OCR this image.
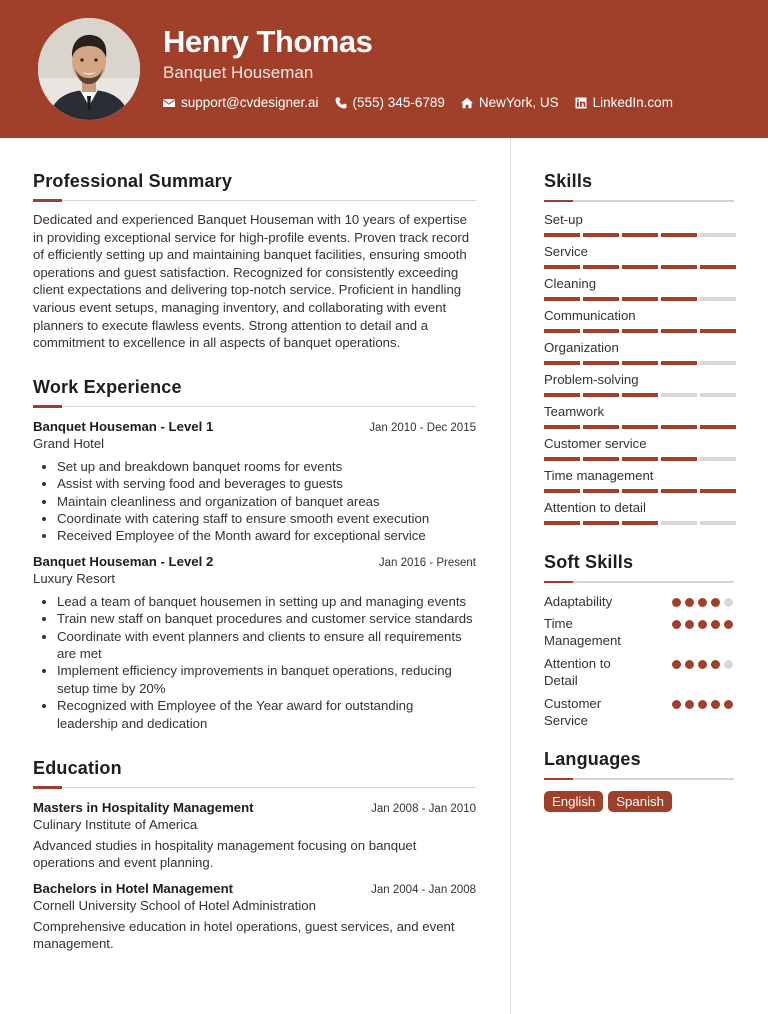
Henry Thomas
Banquet Houseman
support@cvdesigner.ai	(555) 345-6789	NewYork, US	LinkedIn.com
Professional Summary

Dedicated and experienced Banquet Houseman with 10 years of expertise in providing exceptional service for high-profile events. Proven track record of efficiently setting up and maintaining banquet facilities, ensuring smooth operations and guest satisfaction. Recognized for consistently exceeding client expectations and delivering top-notch service. Proficient in handling various event setups, managing inventory, and collaborating with event planners to execute flawless events. Strong attention to detail and a commitment to excellence in all aspects of banquet operations.

Work Experience
Banquet Houseman - Level 1	Jan 2010 - Dec 2015
Grand Hotel
Set up and breakdown banquet rooms for events
Assist with serving food and beverages to guests
Maintain cleanliness and organization of banquet areas
Coordinate with catering staff to ensure smooth event execution
Received Employee of the Month award for exceptional service
Banquet Houseman - Level 2	Jan 2016 - Present
Luxury Resort
Lead a team of banquet housemen in setting up and managing events
Train new staff on banquet procedures and customer service standards
Coordinate with event planners and clients to ensure all requirements are met
Implement efficiency improvements in banquet operations, reducing setup time by 20%
Recognized with Employee of the Year award for outstanding leadership and dedication
Education
Masters in Hospitality Management	Jan 2008 - Jan 2010
Culinary Institute of America
Advanced studies in hospitality management focusing on banquet operations and event planning.
Bachelors in Hotel Management	Jan 2004 - Jan 2008
Cornell University School of Hotel Administration
Comprehensive education in hotel operations, guest services, and event management.
Skills
Set-up
Service
Cleaning
Communication
Organization
Problem-solving
Teamwork
Customer service
Time management
Attention to detail
Soft Skills
Adaptability
Time Management
Attention to Detail
Customer Service
Languages
English	Spanish
